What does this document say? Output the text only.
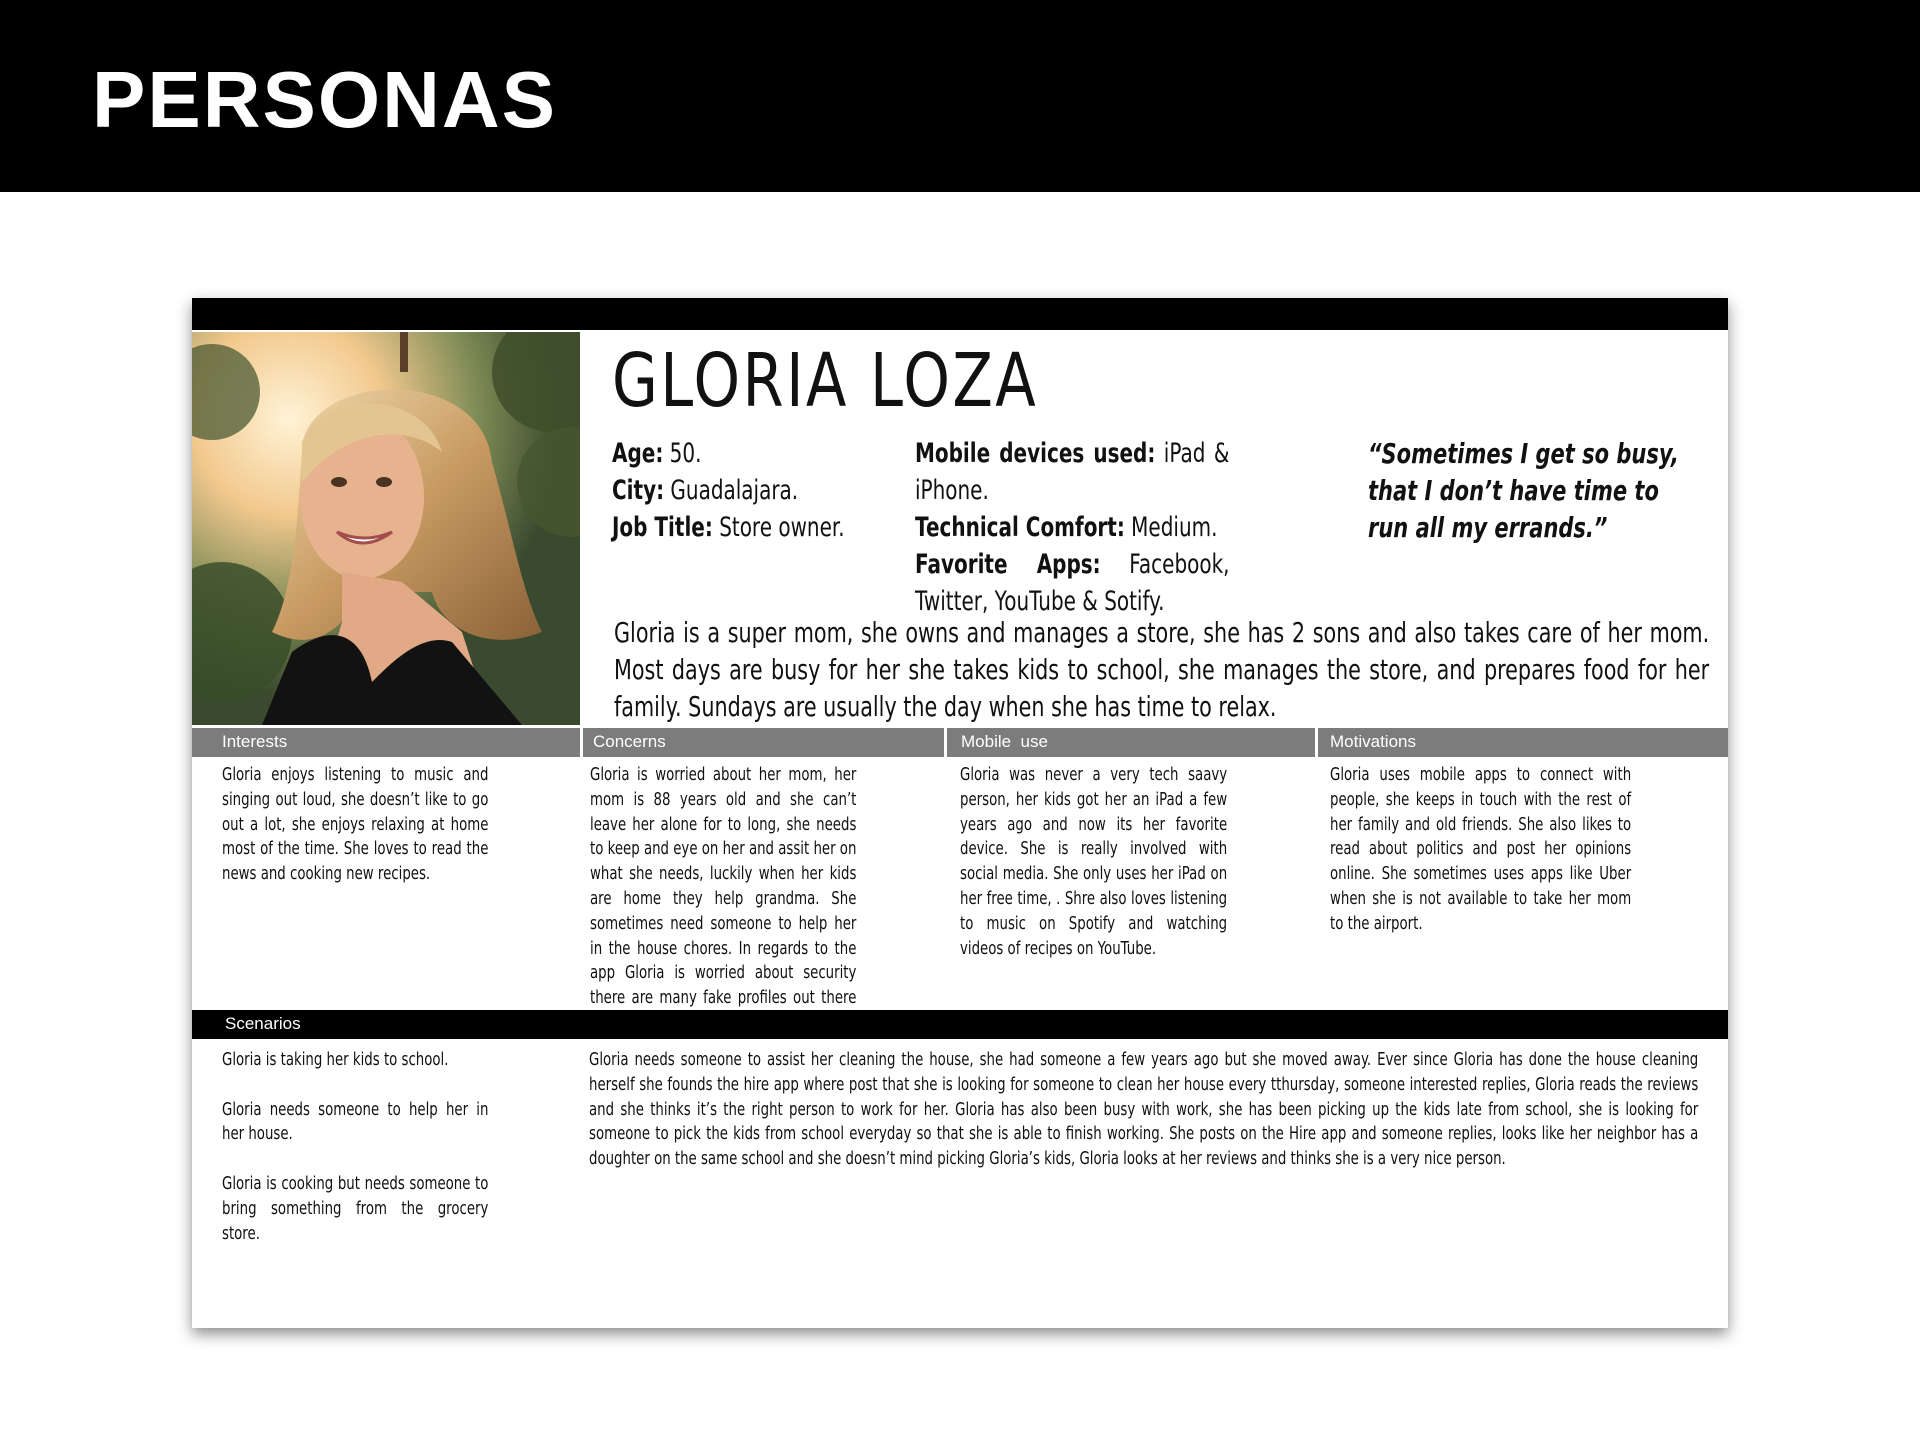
PERSONAS
GLORIA LOZA
Age: 50.
City: Guadalajara.
Job Title: Store owner.
Mobile devices used: iPad & iPhone.
Technical Comfort: Medium.
Favorite Apps: Facebook, Twitter, YouTube & Sotify.
“Sometimes I get so busy, that I don’t have time to run all my errands.”
Gloria is a super mom, she owns and manages a store, she has 2 sons and also takes care of her mom. Most days are busy for her she takes kids to school, she manages the store, and prepares food for her family. Sundays are usually the day when she has time to relax.
Interests	Concerns	Mobile  use	Motivations
Gloria enjoys listening to music and singing out loud, she doesn’t like to go out a lot, she enjoys relaxing at home most of the time. She loves to read the news and cooking new recipes.
Gloria is worried about her mom, her mom is 88 years old and she can’t leave her alone for to long, she needs to keep and eye on her and assit her on what she needs, luckily when her kids are home they help grandma. She sometimes need someone to help her in the house chores. In regards to the app Gloria is worried about security there are many fake profiles out there
Gloria was never a very tech saavy person, her kids got her an iPad a few years ago and now its her favorite device. She is really involved with social media. She only uses her iPad on her free time, . Shre also loves listening to music on Spotify and watching videos of recipes on YouTube.
Gloria uses mobile apps to connect with people, she keeps in touch with the rest of her family and old friends. She also likes to read about politics and post her opinions online. She sometimes uses apps like Uber when she is not available to take her mom to the airport.
Scenarios

Gloria is taking her kids to school.

Gloria needs someone to help her in her house.

Gloria is cooking but needs someone to bring something from the grocery store.

Gloria needs someone to assist her cleaning the house, she had someone a few years ago but she moved away. Ever since Gloria has done the house cleaning herself she founds the hire app where post that she is looking for someone to clean her house every tthursday, someone interested replies, Gloria reads the reviews and she thinks it’s the right person to work for her. Gloria has also been busy with work, she has been picking up the kids late from school, she is looking for someone to pick the kids from school everyday so that she is able to finish working. She posts on the Hire app and someone replies, looks like her neighbor has a doughter on the same school and she doesn’t mind picking Gloria’s kids, Gloria looks at her reviews and thinks she is a very nice person.
